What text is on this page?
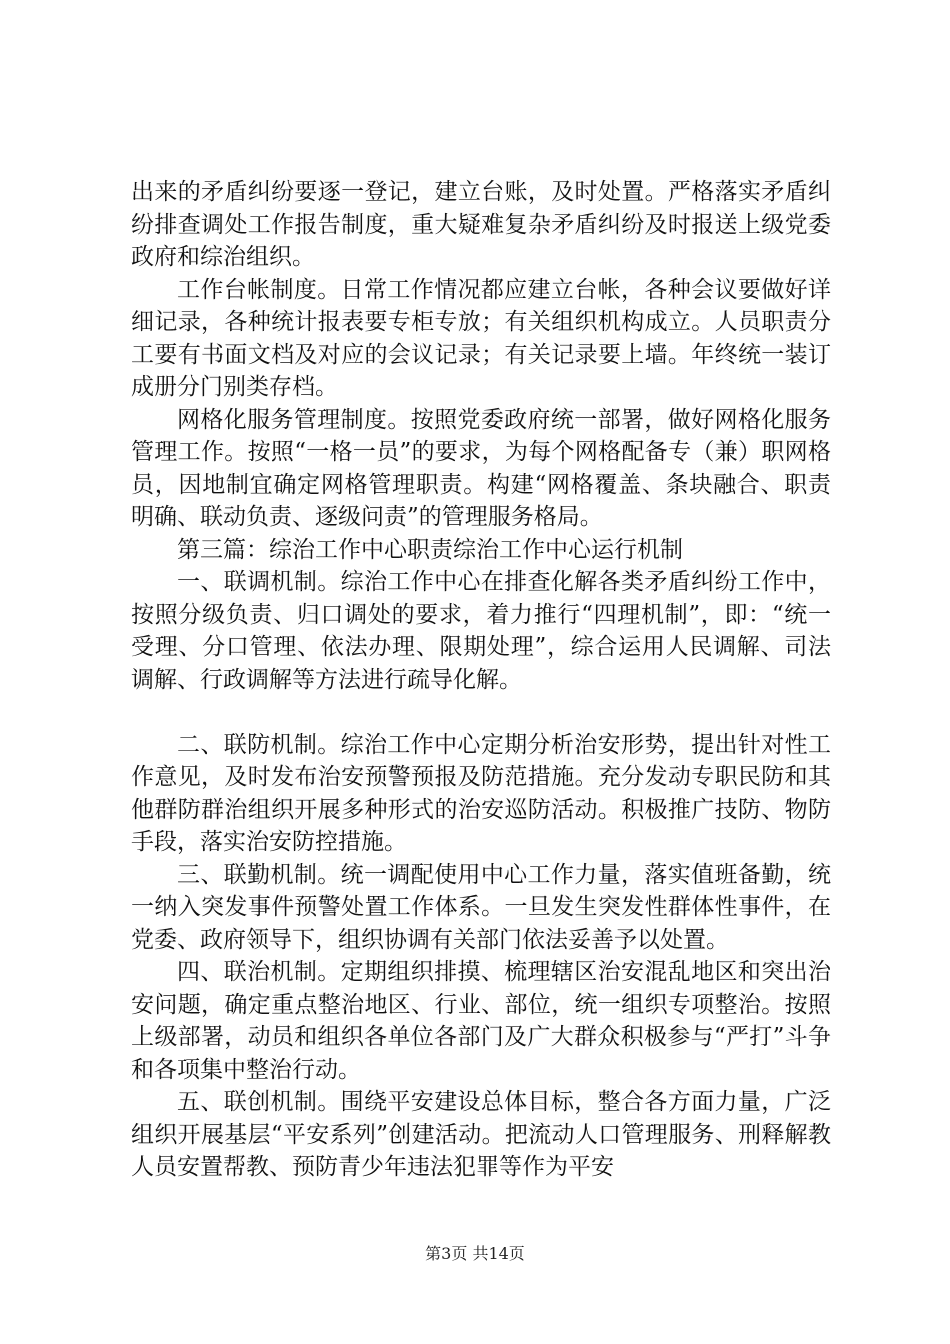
出来的矛盾纠纷要逐一登记，建立台账，及时处置。严格落实矛盾纠纷排查调处工作报告制度，重大疑难复杂矛盾纠纷及时报送上级党委政府和综治组织。

工作台帐制度。日常工作情况都应建立台帐，各种会议要做好详细记录，各种统计报表要专柜专放；有关组织机构成立。人员职责分工要有书面文档及对应的会议记录；有关记录要上墙。年终统一装订成册分门别类存档。

网格化服务管理制度。按照党委政府统一部署，做好网格化服务管理工作。按照“一格一员”的要求，为每个网格配备专（兼）职网格员，因地制宜确定网格管理职责。构建“网格覆盖、条块融合、职责明确、联动负责、逐级问责”的管理服务格局。

第三篇：综治工作中心职责综治工作中心运行机制

一、联调机制。综治工作中心在排查化解各类矛盾纠纷工作中，按照分级负责、归口调处的要求，着力推行“四理机制”，即：“统一受理、分口管理、依法办理、限期处理”，综合运用人民调解、司法调解、行政调解等方法进行疏导化解。

二、联防机制。综治工作中心定期分析治安形势，提出针对性工作意见，及时发布治安预警预报及防范措施。充分发动专职民防和其他群防群治组织开展多种形式的治安巡防活动。积极推广技防、物防手段，落实治安防控措施。

三、联勤机制。统一调配使用中心工作力量，落实值班备勤，统一纳入突发事件预警处置工作体系。一旦发生突发性群体性事件，在党委、政府领导下，组织协调有关部门依法妥善予以处置。

四、联治机制。定期组织排摸、梳理辖区治安混乱地区和突出治安问题，确定重点整治地区、行业、部位，统一组织专项整治。按照上级部署，动员和组织各单位各部门及广大群众积极参与“严打”斗争和各项集中整治行动。

五、联创机制。围绕平安建设总体目标，整合各方面力量，广泛组织开展基层“平安系列”创建活动。把流动人口管理服务、刑释解教人员安置帮教、预防青少年违法犯罪等作为平安

第3页 共14页
